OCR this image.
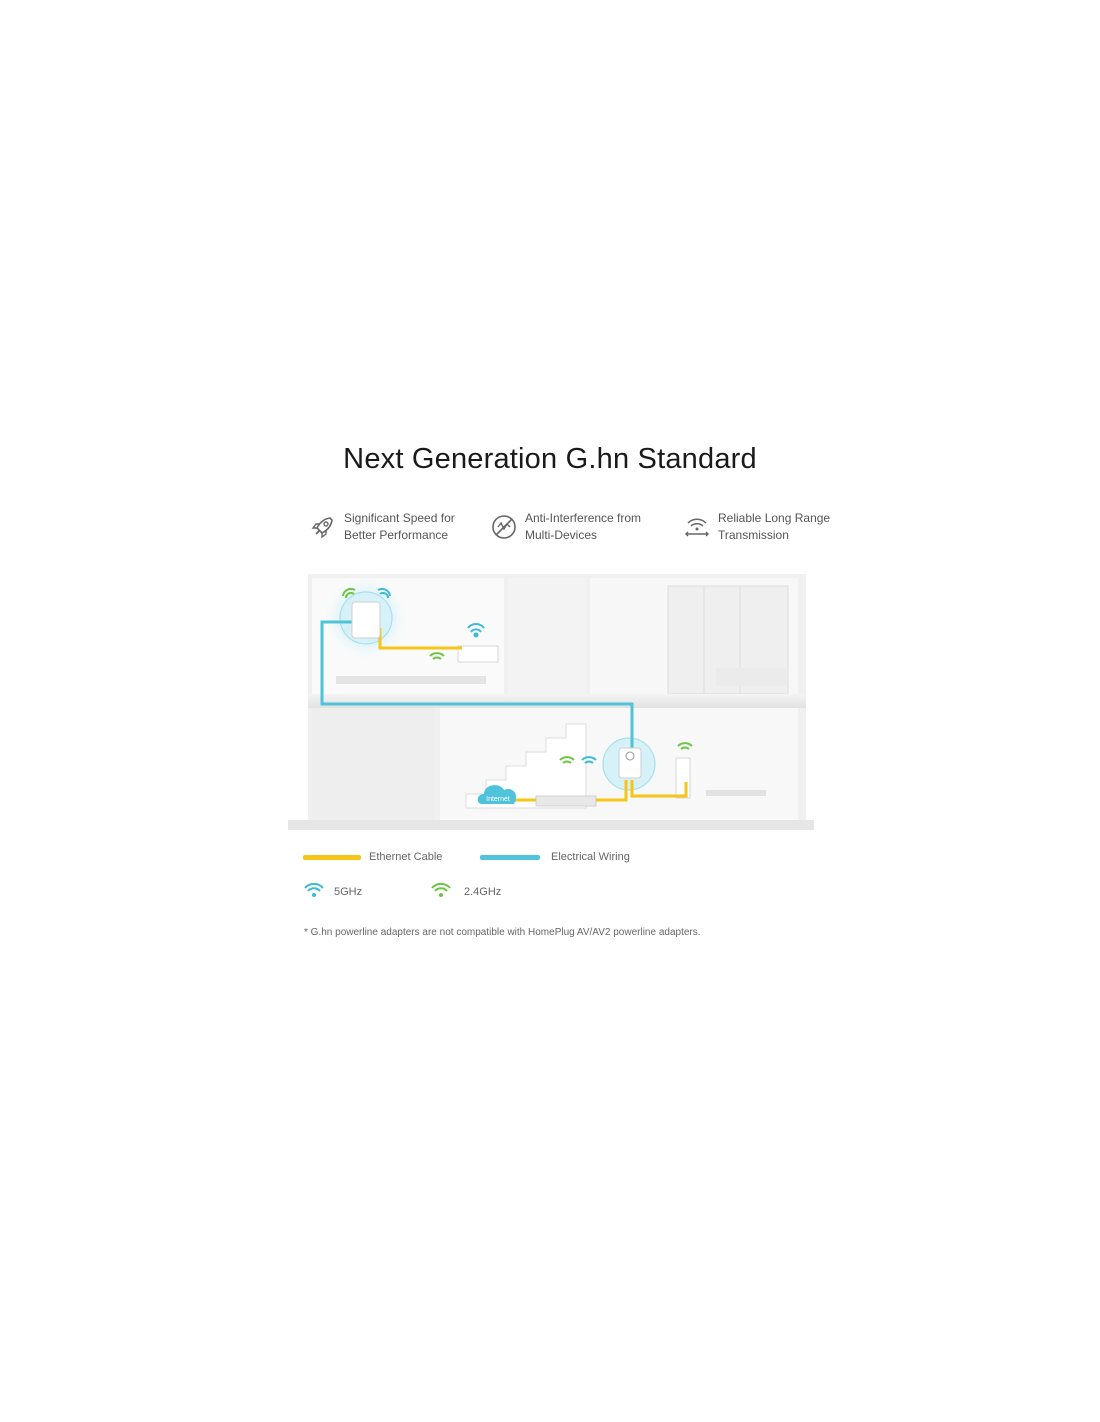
Next Generation G.hn Standard
Significant Speed for
Better Performance
Anti-Interference from
Multi-Devices
Reliable Long Range
Transmission
Internet
Ethernet Cable	Electrical Wiring
5GHz	2.4GHz
* G.hn powerline adapters are not compatible with HomePlug AV/AV2 powerline adapters.
